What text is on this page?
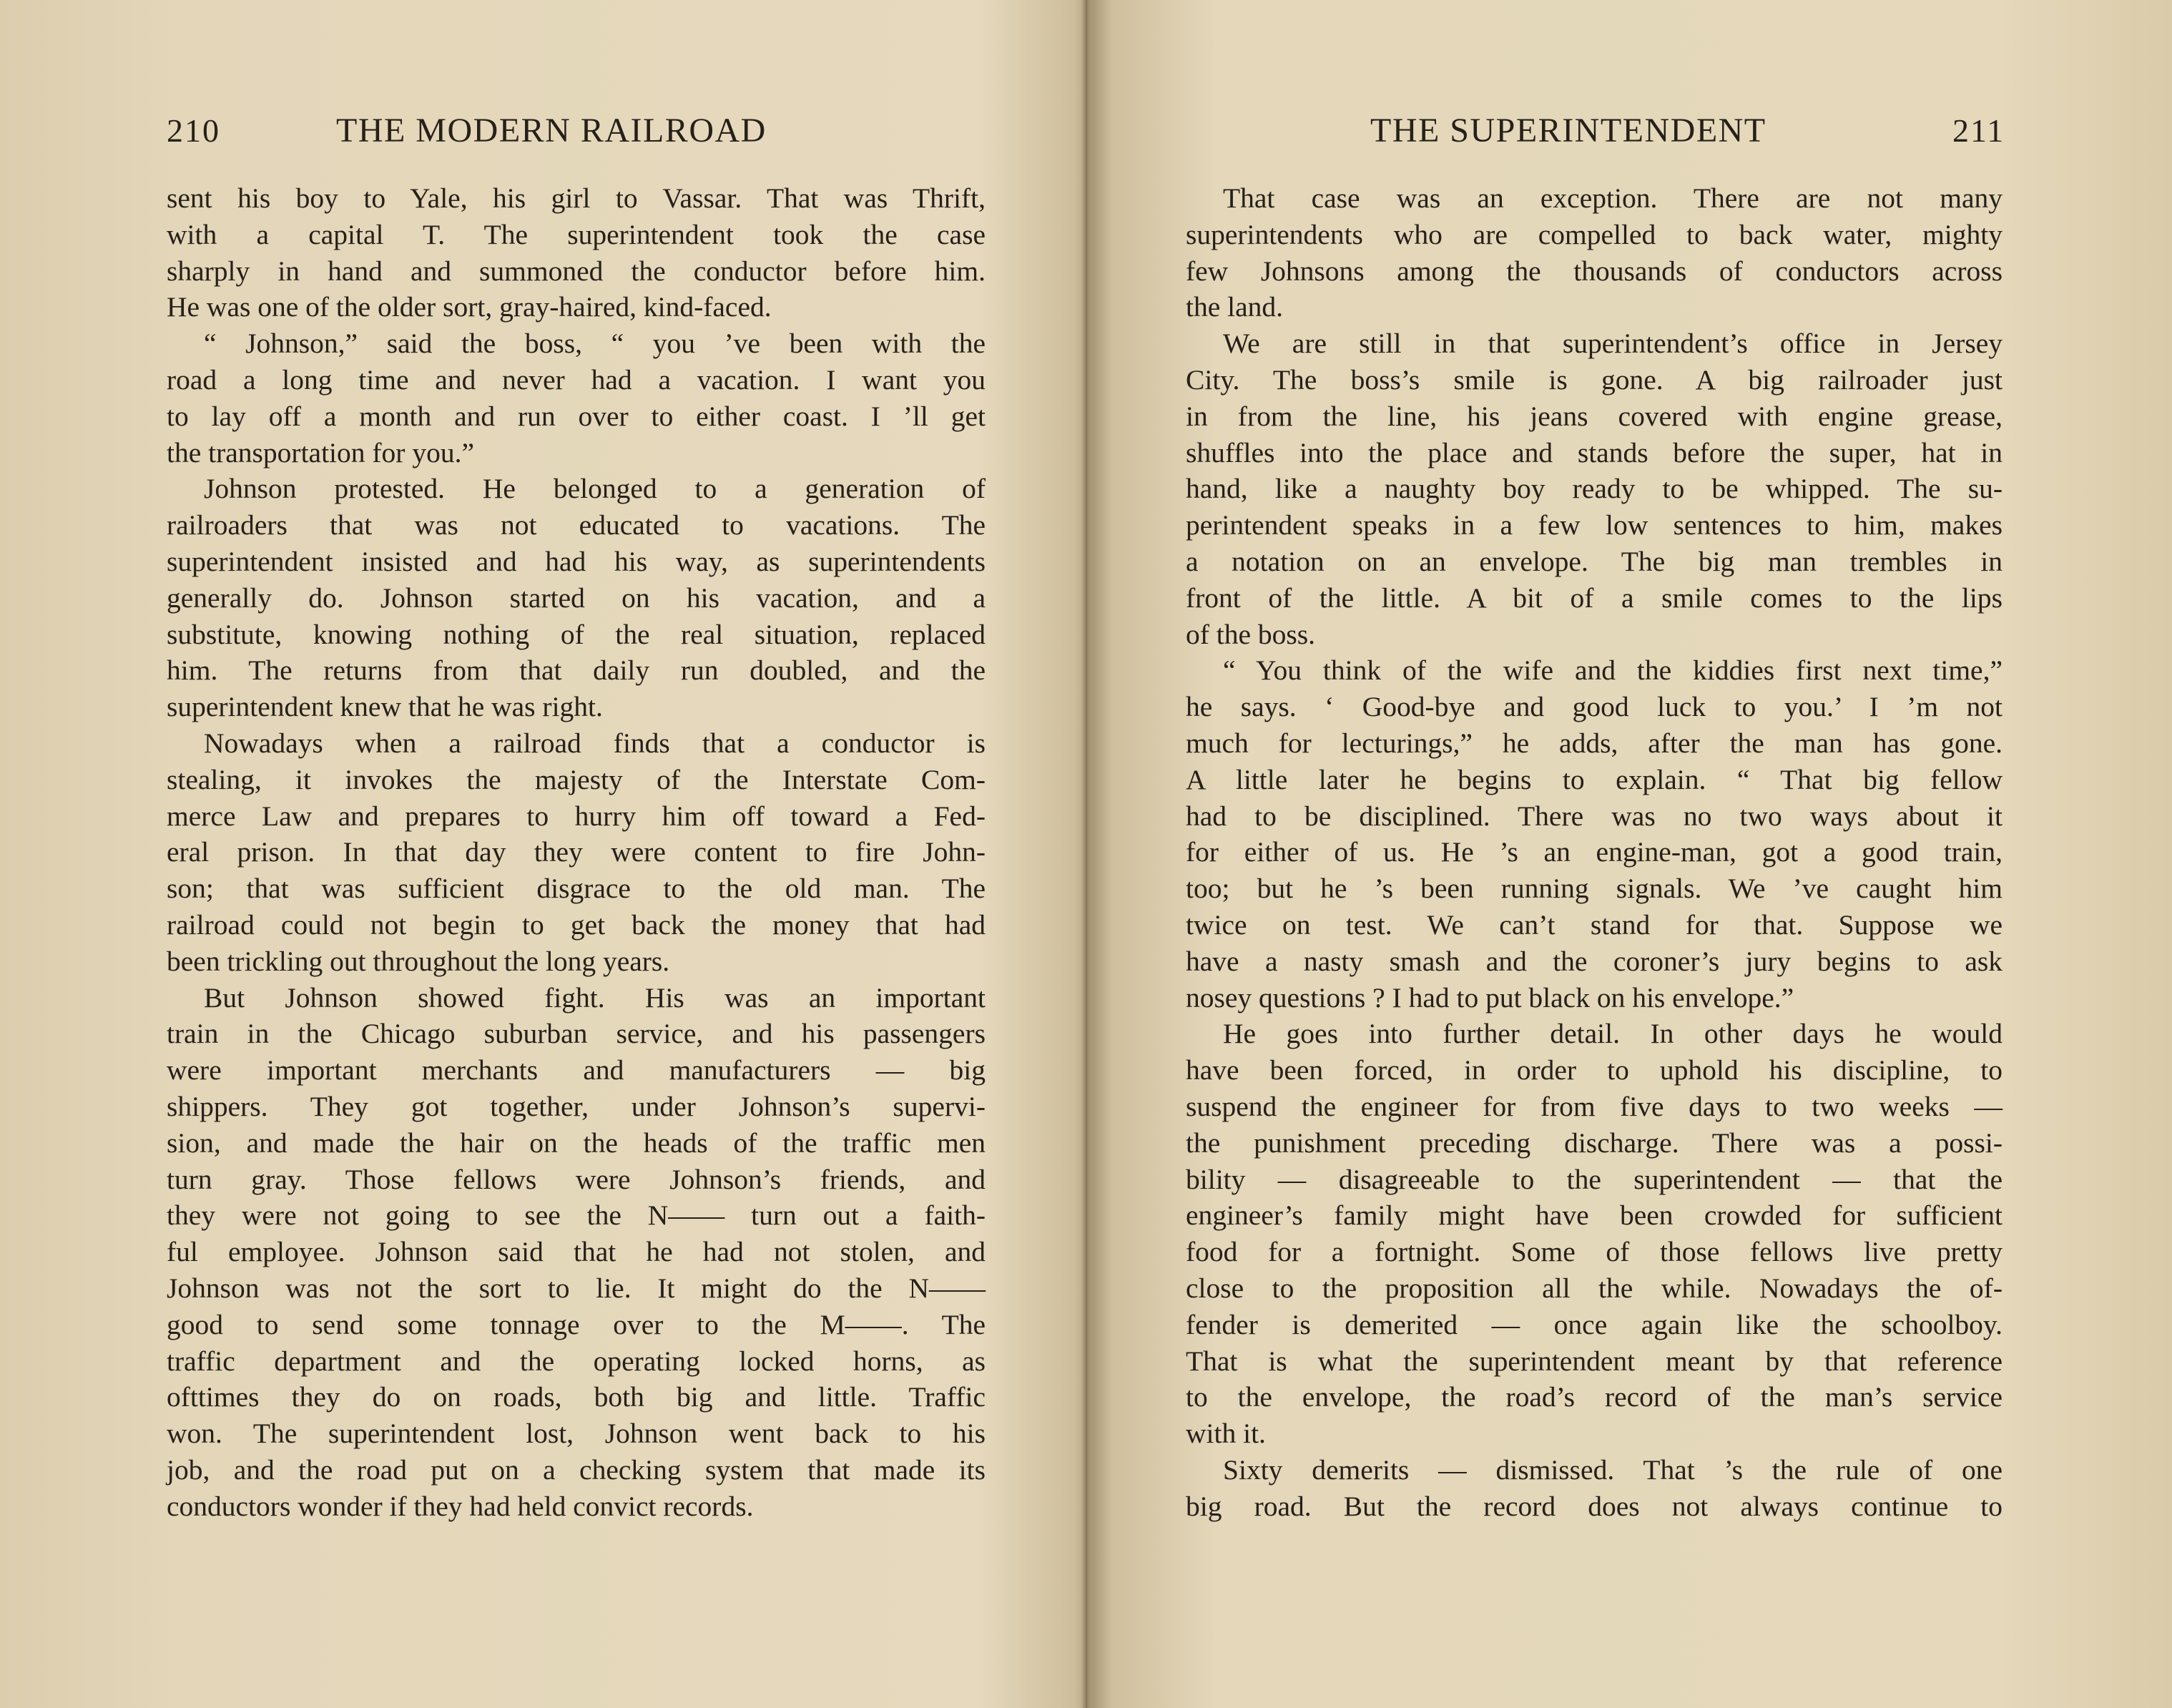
210	THE MODERN RAILROAD
sent his boy to Yale, his girl to Vassar. That was Thrift,
with a capital T. The superintendent took the case
sharply in hand and summoned the conductor before him.
He was one of the older sort, gray-haired, kind-faced.
“ Johnson,” said the boss, “ you ’ve been with the
road a long time and never had a vacation. I want you
to lay off a month and run over to either coast. I ’ll get
the transportation for you.”
Johnson protested. He belonged to a generation of
railroaders that was not educated to vacations. The
superintendent insisted and had his way, as superintendents
generally do. Johnson started on his vacation, and a
substitute, knowing nothing of the real situation, replaced
him. The returns from that daily run doubled, and the
superintendent knew that he was right.
Nowadays when a railroad finds that a conductor is
stealing, it invokes the majesty of the Interstate Com-
merce Law and prepares to hurry him off toward a Fed-
eral prison. In that day they were content to fire John-
son; that was sufficient disgrace to the old man. The
railroad could not begin to get back the money that had
been trickling out throughout the long years.
But Johnson showed fight. His was an important
train in the Chicago suburban service, and his passengers
were important merchants and manufacturers — big
shippers. They got together, under Johnson’s supervi-
sion, and made the hair on the heads of the traffic men
turn gray. Those fellows were Johnson’s friends, and
they were not going to see the N—— turn out a faith-
ful employee. Johnson said that he had not stolen, and
Johnson was not the sort to lie. It might do the N——
good to send some tonnage over to the M——. The
traffic department and the operating locked horns, as
ofttimes they do on roads, both big and little. Traffic
won. The superintendent lost, Johnson went back to his
job, and the road put on a checking system that made its
conductors wonder if they had held convict records.
THE SUPERINTENDENT	211
That case was an exception. There are not many
superintendents who are compelled to back water, mighty
few Johnsons among the thousands of conductors across
the land.
We are still in that superintendent’s office in Jersey
City. The boss’s smile is gone. A big railroader just
in from the line, his jeans covered with engine grease,
shuffles into the place and stands before the super, hat in
hand, like a naughty boy ready to be whipped. The su-
perintendent speaks in a few low sentences to him, makes
a notation on an envelope. The big man trembles in
front of the little. A bit of a smile comes to the lips
of the boss.
“ You think of the wife and the kiddies first next time,”
he says. ‘ Good-bye and good luck to you.’ I ’m not
much for lecturings,” he adds, after the man has gone.
A little later he begins to explain. “ That big fellow
had to be disciplined. There was no two ways about it
for either of us. He ’s an engine-man, got a good train,
too; but he ’s been running signals. We ’ve caught him
twice on test. We can’t stand for that. Suppose we
have a nasty smash and the coroner’s jury begins to ask
nosey questions ? I had to put black on his envelope.”
He goes into further detail. In other days he would
have been forced, in order to uphold his discipline, to
suspend the engineer for from five days to two weeks —
the punishment preceding discharge. There was a possi-
bility — disagreeable to the superintendent — that the
engineer’s family might have been crowded for sufficient
food for a fortnight. Some of those fellows live pretty
close to the proposition all the while. Nowadays the of-
fender is demerited — once again like the schoolboy.
That is what the superintendent meant by that reference
to the envelope, the road’s record of the man’s service
with it.
Sixty demerits — dismissed. That ’s the rule of one
big road. But the record does not always continue to
